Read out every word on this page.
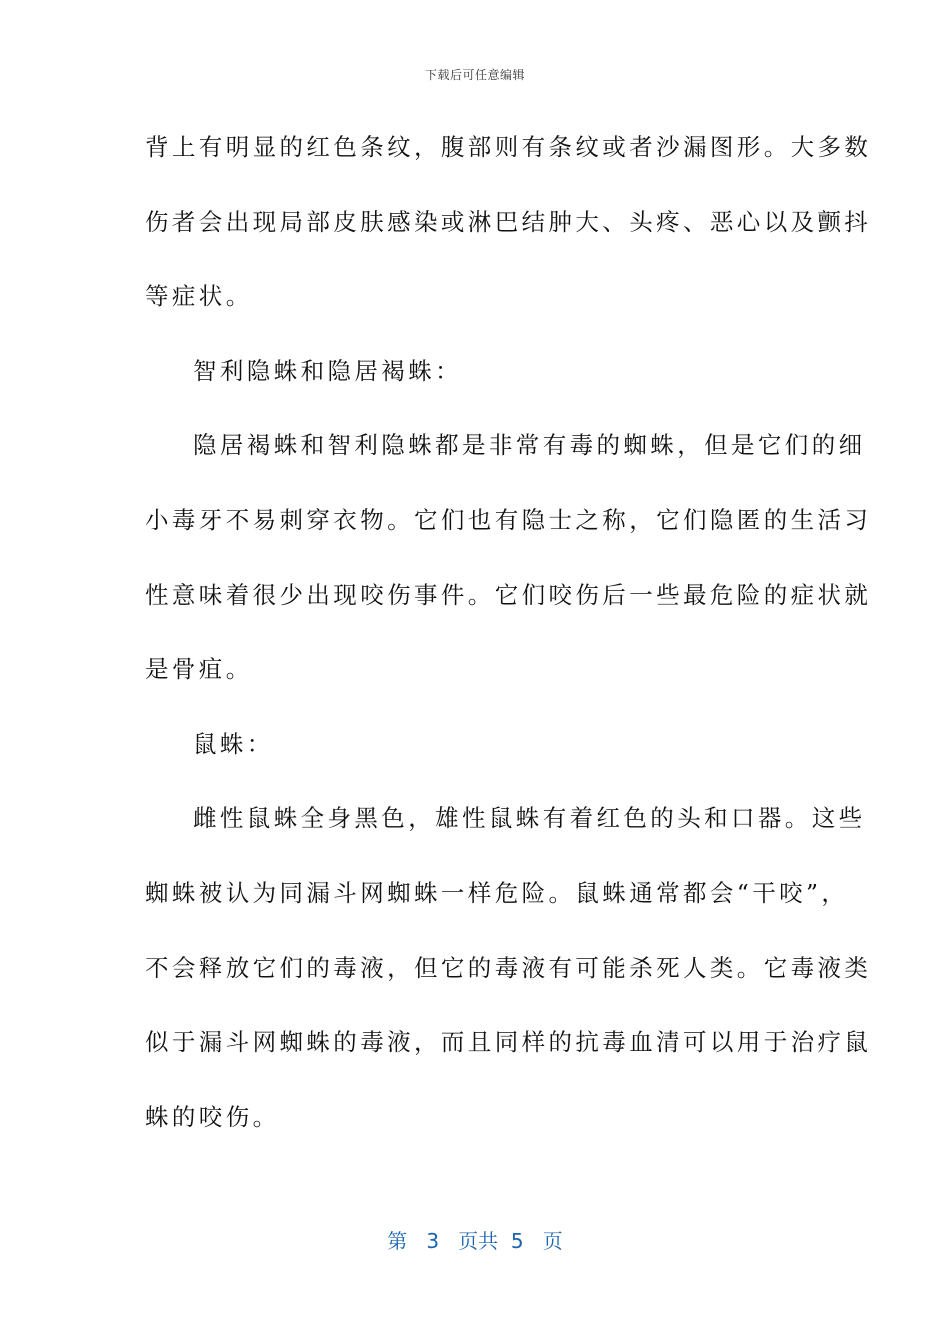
下载后可任意编辑
背上有明显的红色条纹，腹部则有条纹或者沙漏图形。大多数
伤者会出现局部皮肤感染或淋巴结肿大、头疼、恶心以及颤抖
等症状。
智利隐蛛和隐居褐蛛：
隐居褐蛛和智利隐蛛都是非常有毒的蜘蛛，但是它们的细
小毒牙不易刺穿衣物。它们也有隐士之称，它们隐匿的生活习
性意味着很少出现咬伤事件。它们咬伤后一些最危险的症状就
是骨疽。
鼠蛛：
雌性鼠蛛全身黑色，雄性鼠蛛有着红色的头和口器。这些
蜘蛛被认为同漏斗网蜘蛛一样危险。鼠蛛通常都会“干咬”，
不会释放它们的毒液，但它的毒液有可能杀死人类。它毒液类
似于漏斗网蜘蛛的毒液，而且同样的抗毒血清可以用于治疗鼠
蛛的咬伤。
第 3 页共 5 页
